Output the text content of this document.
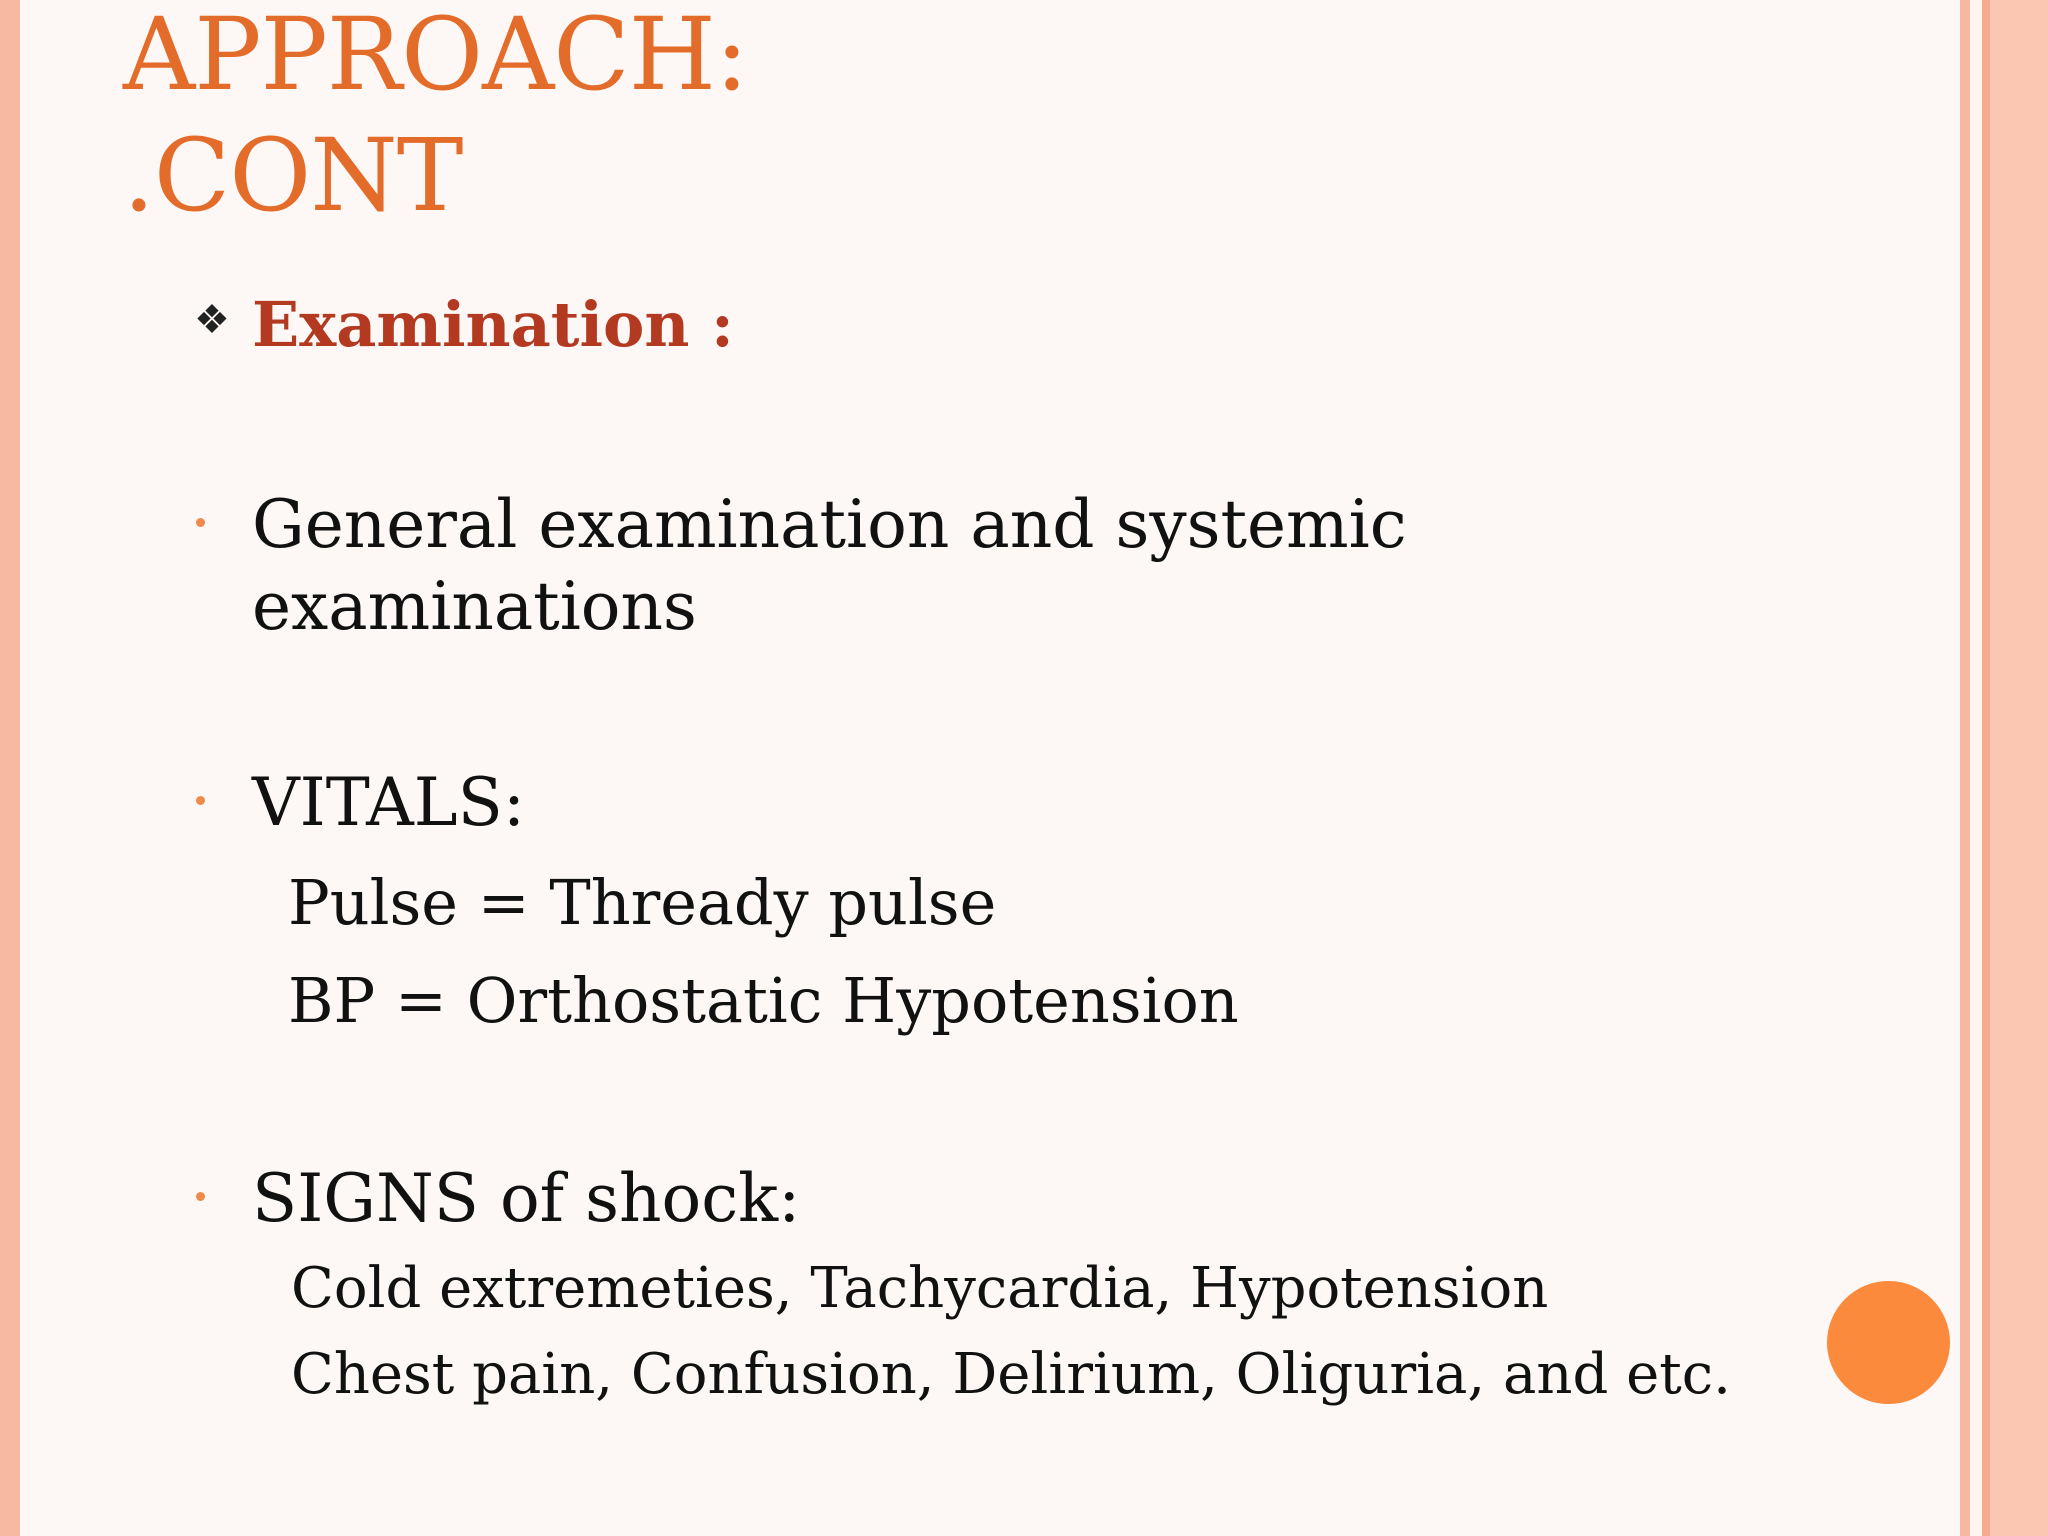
APPROACH:
.CONT
❖ Examination :
General examination and systemic
examinations
VITALS:
Pulse = Thready pulse
BP = Orthostatic Hypotension
SIGNS of shock:
Cold extremeties, Tachycardia, Hypotension
Chest pain, Confusion, Delirium, Oliguria, and etc.
